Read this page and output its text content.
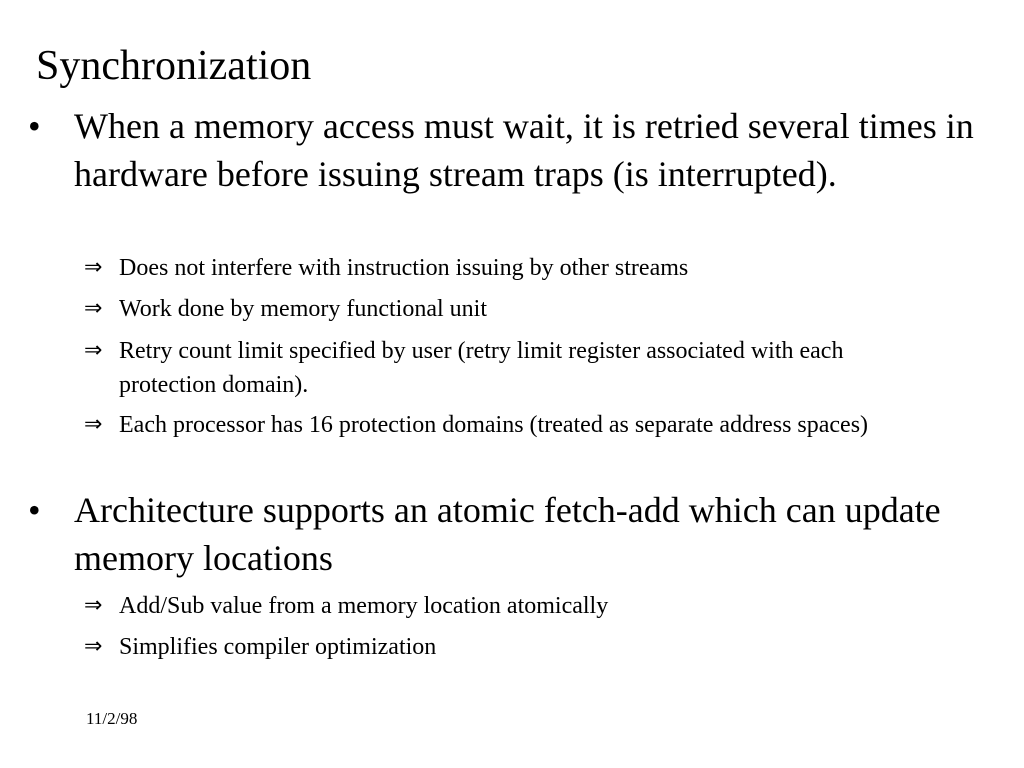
Synchronization
• When a memory access must wait, it is retried several times in hardware before issuing stream traps (is interrupted).
⇒ Does not interfere with instruction issuing by other streams
⇒ Work done by memory functional unit
⇒ Retry count limit specified by user (retry limit register associated with each protection domain).
⇒ Each processor has 16 protection domains (treated as separate address spaces)
• Architecture supports an atomic fetch-add which can update memory locations
⇒ Add/Sub value from a memory location atomically
⇒ Simplifies compiler optimization
11/2/98
